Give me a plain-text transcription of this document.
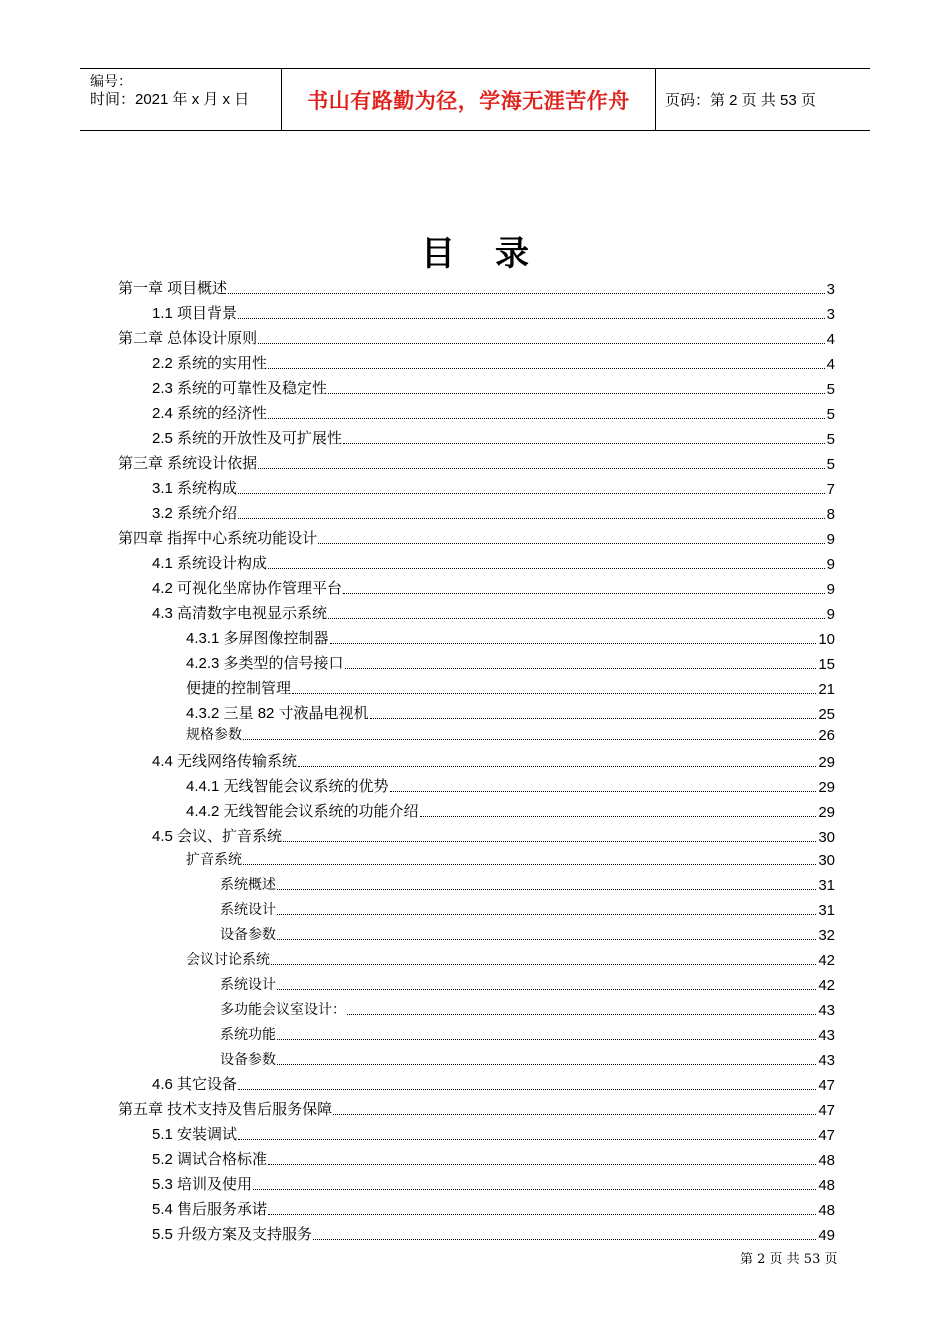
编号：
时间：2021 年 x 月 x 日	书山有路勤为径，学海无涯苦作舟 页码：第 2 页 共 53 页
目录
第一章 项目概述	3
1.1 项目背景	3
第二章 总体设计原则	4
2.2 系统的实用性	4
2.3 系统的可靠性及稳定性	5
2.4 系统的经济性	5
2.5 系统的开放性及可扩展性	5
第三章 系统设计依据	5
3.1 系统构成	7
3.2 系统介绍	8
第四章 指挥中心系统功能设计	9
4.1 系统设计构成	9
4.2 可视化坐席协作管理平台	9
4.3 高清数字电视显示系统	9
4.3.1 多屏图像控制器	10
4.2.3 多类型的信号接口	15
便捷的控制管理	21
4.3.2 三星 82 寸液晶电视机	25
规格参数	26
4.4 无线网络传输系统	29
4.4.1 无线智能会议系统的优势	29
4.4.2 无线智能会议系统的功能介绍	29
4.5 会议、扩音系统	30
扩音系统	30
系统概述	31
系统设计	31
设备参数	32
会议讨论系统	42
系统设计	42
多功能会议室设计：	43
系统功能	43
设备参数	43
4.6 其它设备	47
第五章 技术支持及售后服务保障	47
5.1 安装调试	47
5.2 调试合格标准	48
5.3 培训及使用	48
5.4 售后服务承诺	48
5.5 升级方案及支持服务	49
第 2 页 共 53 页
